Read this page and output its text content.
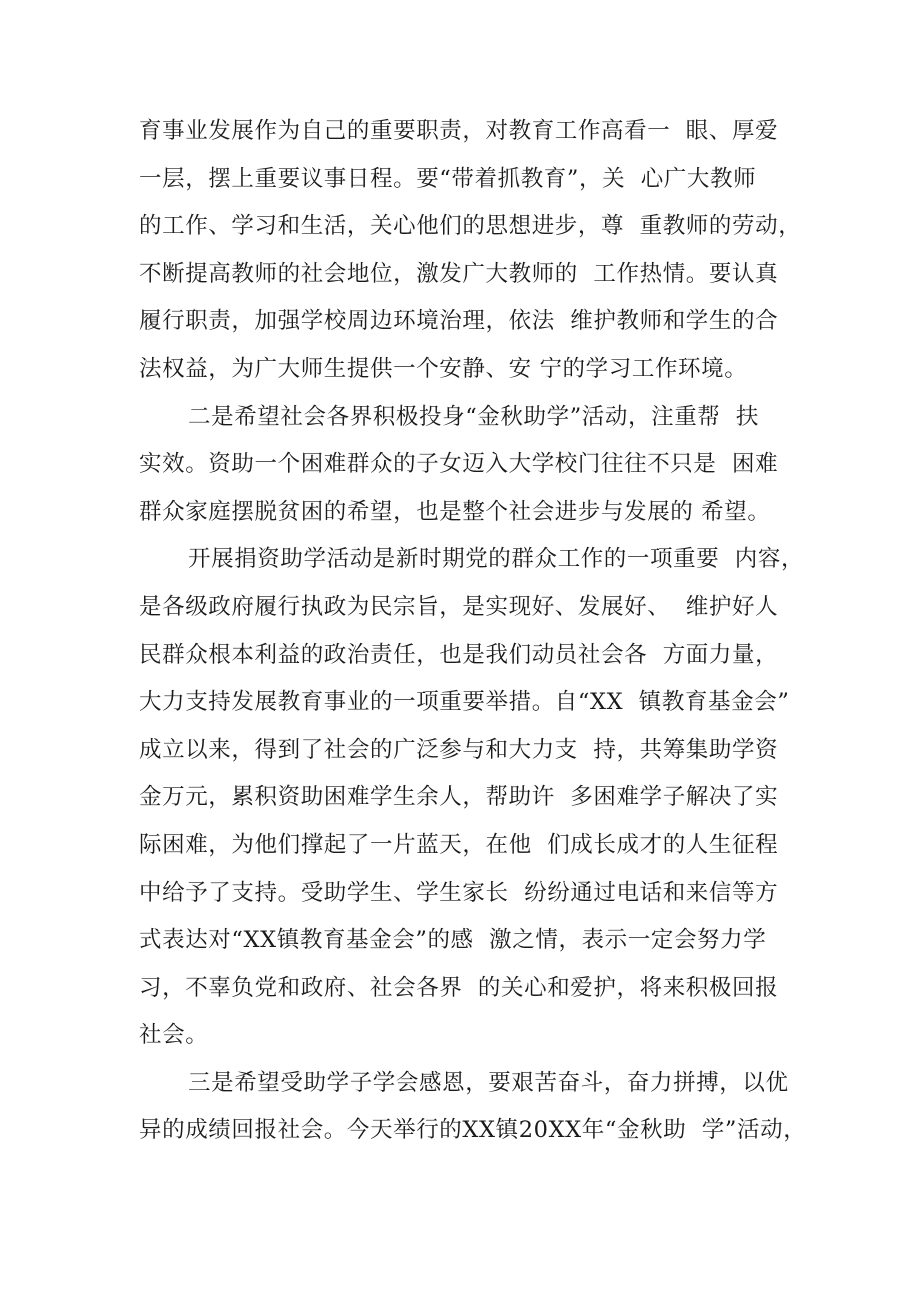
育事业发展作为自己的重要职责，对教育工作高看一  眼、厚爱
一层，摆上重要议事日程。要“带着抓教育”，关  心广大教师
的工作、学习和生活，关心他们的思想进步，尊  重教师的劳动，
不断提高教师的社会地位，激发广大教师的  工作热情。要认真
履行职责，加强学校周边环境治理，依法  维护教师和学生的合
法权益，为广大师生提供一个安静、安 宁的学习工作环境。
二是希望社会各界积极投身“金秋助学”活动，注重帮  扶
实效。资助一个困难群众的子女迈入大学校门往往不只是  困难
群众家庭摆脱贫困的希望，也是整个社会进步与发展的 希望。
开展捐资助学活动是新时期党的群众工作的一项重要  内容，
是各级政府履行执政为民宗旨，是实现好、发展好、  维护好人
民群众根本利益的政治责任，也是我们动员社会各  方面力量，
大力支持发展教育事业的一项重要举措。自“XX  镇教育基金会”
成立以来，得到了社会的广泛参与和大力支  持，共筹集助学资
金万元，累积资助困难学生余人，帮助许  多困难学子解决了实
际困难，为他们撑起了一片蓝天，在他  们成长成才的人生征程
中给予了支持。受助学生、学生家长  纷纷通过电话和来信等方
式表达对“XX镇教育基金会”的感  激之情，表示一定会努力学
习，不辜负党和政府、社会各界  的关心和爱护，将来积极回报
社会。
三是希望受助学子学会感恩，要艰苦奋斗，奋力拼搏，以优
异的成绩回报社会。今天举行的XX镇20XX年“金秋助  学”活动，
